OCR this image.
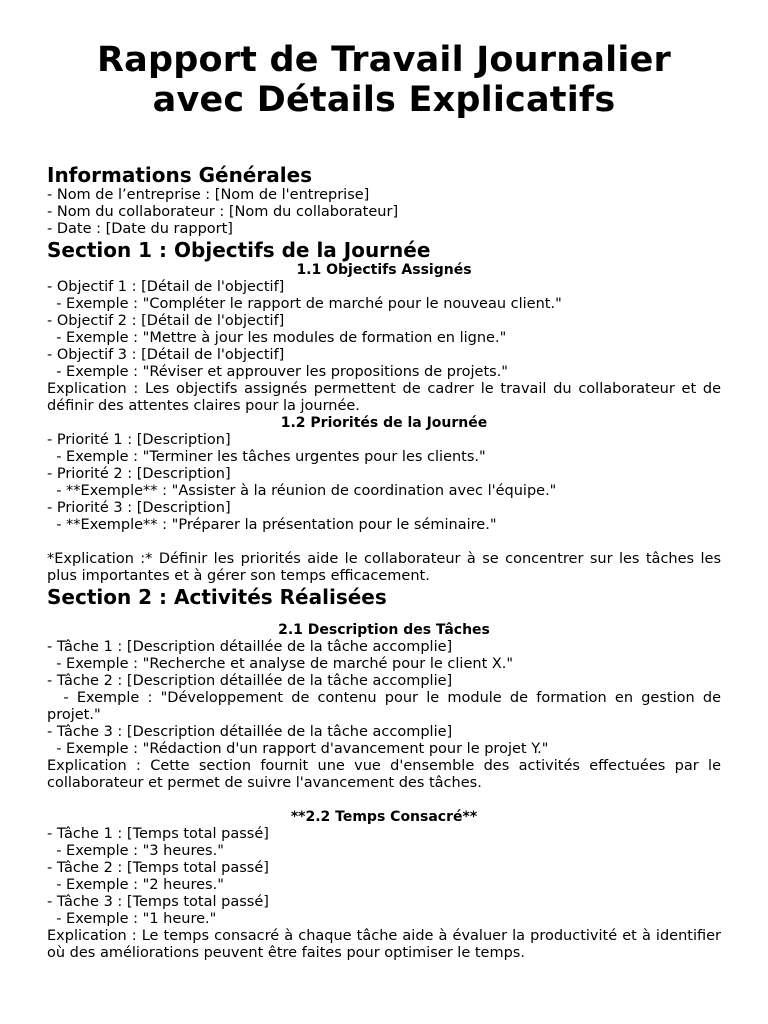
Rapport de Travail Journalier
avec Détails Explicatifs
Informations Générales

- Nom de l’entreprise : [Nom de l'entreprise]

- Nom du collaborateur : [Nom du collaborateur]

- Date : [Date du rapport]

Section 1 : Objectifs de la Journée
1.1 Objectifs Assignés

- Objectif 1 : [Détail de l'objectif]

- Exemple : "Compléter le rapport de marché pour le nouveau client."

- Objectif 2 : [Détail de l'objectif]

- Exemple : "Mettre à jour les modules de formation en ligne."

- Objectif 3 : [Détail de l'objectif]

- Exemple : "Réviser et approuver les propositions de projets."

Explication : Les objectifs assignés permettent de cadrer le travail du collaborateur et de définir des attentes claires pour la journée.

1.2 Priorités de la Journée

- Priorité 1 : [Description]

- Exemple : "Terminer les tâches urgentes pour les clients."

- Priorité 2 : [Description]

- **Exemple** : "Assister à la réunion de coordination avec l'équipe."

- Priorité 3 : [Description]

- **Exemple** : "Préparer la présentation pour le séminaire."

*Explication :* Définir les priorités aide le collaborateur à se concentrer sur les tâches les plus importantes et à gérer son temps efficacement.

Section 2 : Activités Réalisées
2.1 Description des Tâches

- Tâche 1 : [Description détaillée de la tâche accomplie]

- Exemple : "Recherche et analyse de marché pour le client X."

- Tâche 2 : [Description détaillée de la tâche accomplie]

- Exemple : "Développement de contenu pour le module de formation en gestion de projet."

- Tâche 3 : [Description détaillée de la tâche accomplie]

- Exemple : "Rédaction d'un rapport d'avancement pour le projet Y."

Explication : Cette section fournit une vue d'ensemble des activités effectuées par le collaborateur et permet de suivre l'avancement des tâches.

**2.2 Temps Consacré**

- Tâche 1 : [Temps total passé]

- Exemple : "3 heures."

- Tâche 2 : [Temps total passé]

- Exemple : "2 heures."

- Tâche 3 : [Temps total passé]

- Exemple : "1 heure."

Explication : Le temps consacré à chaque tâche aide à évaluer la productivité et à identifier où des améliorations peuvent être faites pour optimiser le temps.
